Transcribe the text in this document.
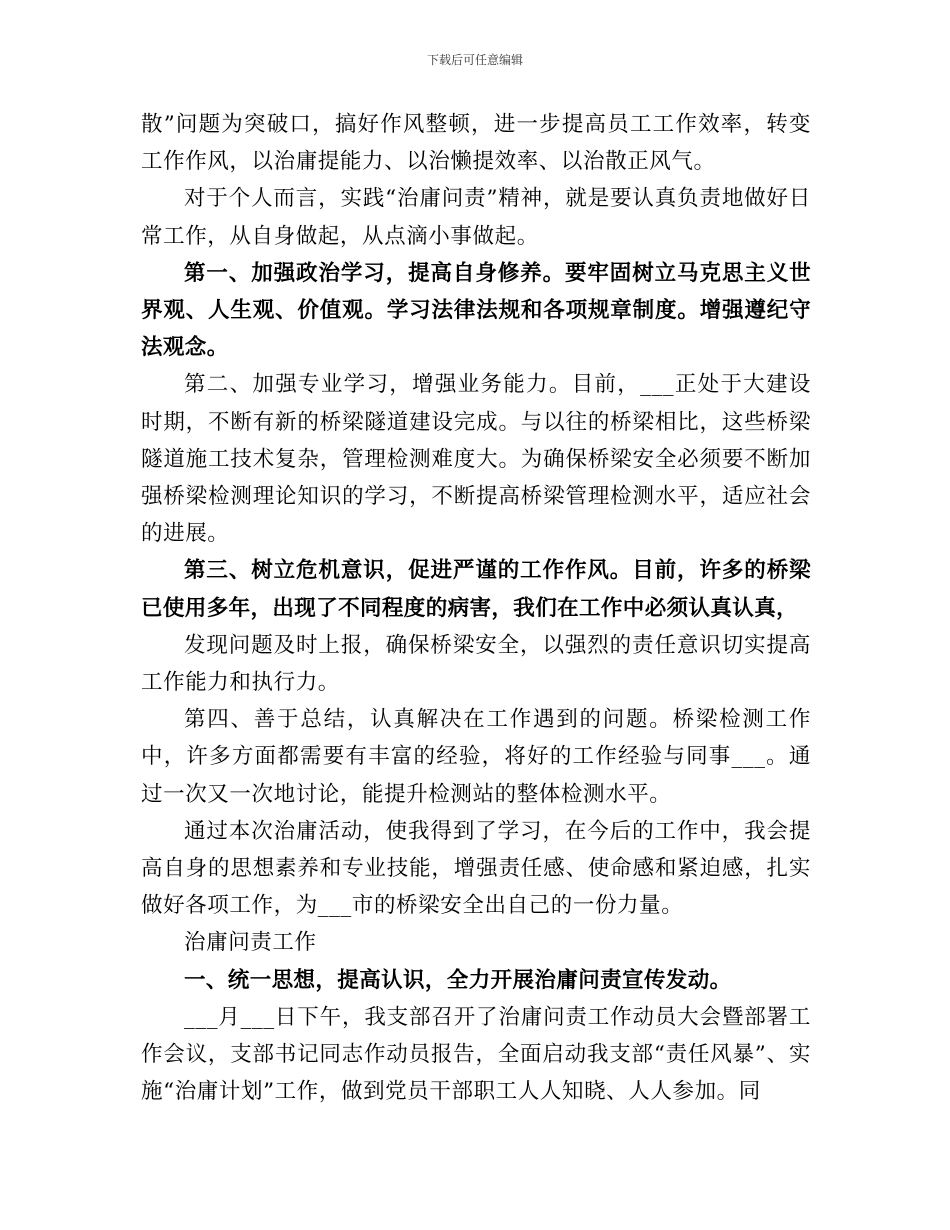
下载后可任意编辑

散”问题为突破口，搞好作风整顿，进一步提高员工工作效率，转变工作作风，以治庸提能力、以治懒提效率、以治散正风气。

对于个人而言，实践“治庸问责”精神，就是要认真负责地做好日常工作，从自身做起，从点滴小事做起。

第一、加强政治学习，提高自身修养。要牢固树立马克思主义世界观、人生观、价值观。学习法律法规和各项规章制度。增强遵纪守法观念。

第二、加强专业学习，增强业务能力。目前，___正处于大建设时期，不断有新的桥梁隧道建设完成。与以往的桥梁相比，这些桥梁隧道施工技术复杂，管理检测难度大。为确保桥梁安全必须要不断加强桥梁检测理论知识的学习，不断提高桥梁管理检测水平，适应社会的进展。

第三、树立危机意识，促进严谨的工作作风。目前，许多的桥梁已使用多年，出现了不同程度的病害，我们在工作中必须认真认真，

发现问题及时上报，确保桥梁安全，以强烈的责任意识切实提高工作能力和执行力。

第四、善于总结，认真解决在工作遇到的问题。桥梁检测工作中，许多方面都需要有丰富的经验，将好的工作经验与同事___。通过一次又一次地讨论，能提升检测站的整体检测水平。

通过本次治庸活动，使我得到了学习，在今后的工作中，我会提高自身的思想素养和专业技能，增强责任感、使命感和紧迫感，扎实做好各项工作，为___市的桥梁安全出自己的一份力量。

治庸问责工作

一、统一思想，提高认识，全力开展治庸问责宣传发动。

___月___日下午，我支部召开了治庸问责工作动员大会暨部署工作会议，支部书记同志作动员报告，全面启动我支部“责任风暴”、实施“治庸计划”工作，做到党员干部职工人人知晓、人人参加。同
